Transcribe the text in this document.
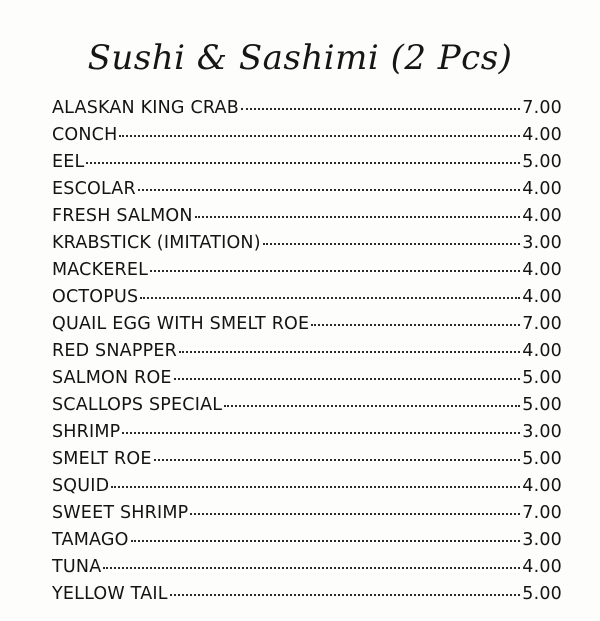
Sushi & Sashimi (2 Pcs)
ALASKAN KING CRAB	7.00
CONCH	4.00
EEL	5.00
ESCOLAR	4.00
FRESH SALMON	4.00
KRABSTICK (IMITATION)	3.00
MACKEREL	4.00
OCTOPUS	4.00
QUAIL EGG WITH SMELT ROE	7.00
RED SNAPPER	4.00
SALMON ROE	5.00
SCALLOPS SPECIAL	5.00
SHRIMP	3.00
SMELT ROE	5.00
SQUID	4.00
SWEET SHRIMP	7.00
TAMAGO	3.00
TUNA	4.00
YELLOW TAIL	5.00
